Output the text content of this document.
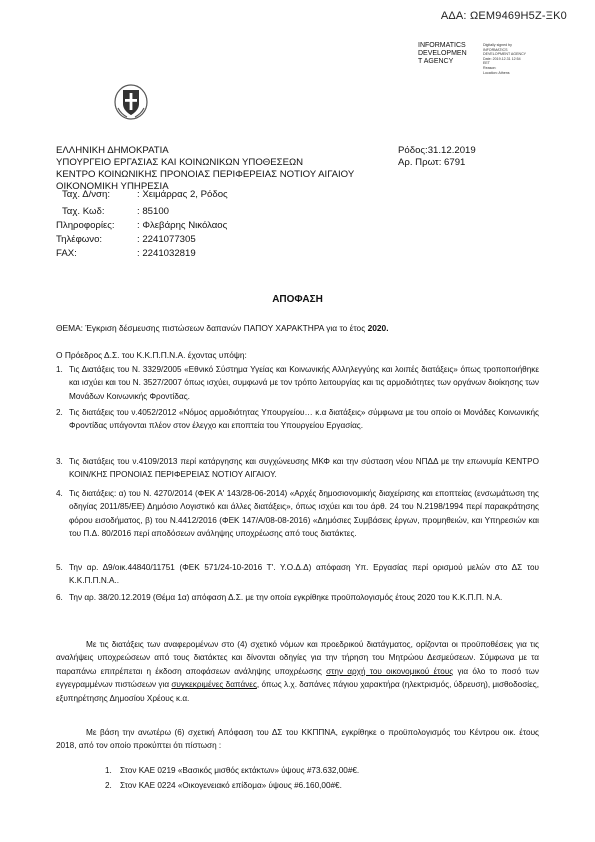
ΑΔΑ: ΩΕΜ9469Η5Ζ-ΞΚ0
INFORMATICS
DEVELOPMEN
T AGENCY
Digitally signed by
INFORMATICS
DEVELOPMENT AGENCY
Date: 2019.12.31 12:54
EET
Reason:
Location: Athens
ΕΛΛΗΝΙΚΗ ΔΗΜΟΚΡΑΤΙΑ
ΥΠΟΥΡΓΕΙΟ ΕΡΓΑΣΙΑΣ ΚΑΙ ΚΟΙΝΩΝΙΚΩΝ ΥΠΟΘΕΣΕΩΝ
ΚΕΝΤΡΟ ΚΟΙΝΩΝΙΚΗΣ ΠΡΟΝΟΙΑΣ ΠΕΡΙΦΕΡΕΙΑΣ ΝΟΤΙΟΥ ΑΙΓΑΙΟΥ
ΟΙΚΟΝΟΜΙΚΗ ΥΠΗΡΕΣΙΑ
Ρόδος:31.12.2019
Αρ. Πρωτ: 6791
Ταχ. Δ/νση:	: Χειμάρρας 2, Ρόδος
Ταχ. Κωδ:	: 85100
Πληροφορίες: : Φλεβάρης Νικόλαος
Τηλέφωνο:	: 2241077305
FAX:	: 2241032819
ΑΠΟΦΑΣΗ
ΘΕΜΑ: Έγκριση δέσμευσης πιστώσεων δαπανών ΠΑΠΟΥ ΧΑΡΑΚΤΗΡΑ για το έτος 2020.
Ο Πρόεδρος Δ.Σ. του Κ.Κ.Π.Π.Ν.Α. έχοντας υπόψη:
1. Τις Διατάξεις του Ν. 3329/2005 «Εθνικό Σύστημα Υγείας και Κοινωνικής Αλληλεγγύης και λοιπές διατάξεις» όπως τροποποιήθηκε και ισχύει και του Ν. 3527/2007 όπως ισχύει, συμφωνά με τον τρόπο λειτουργίας και τις αρμοδιότητες των οργάνων διοίκησης των Μονάδων Κοινωνικής Φροντίδας.
2. Τις διατάξεις του ν.4052/2012 «Νόμος αρμοδιότητας Υπουργείου… κ.α διατάξεις» σύμφωνα με του οποίο οι Μονάδες Κοινωνικής Φροντίδας υπάγονται πλέον στον έλεγχο και εποπτεία του Υπουργείου Εργασίας.
3. Τις διατάξεις του ν.4109/2013 περί κατάργησης και συγχώνευσης ΜΚΦ και την σύσταση νέου ΝΠΔΔ με την επωνυμία ΚΕΝΤΡΟ ΚΟΙΝ/ΚΗΣ ΠΡΟΝΟΙΑΣ ΠΕΡΙΦΕΡΕΙΑΣ ΝΟΤΙΟΥ ΑΙΓΑΙΟΥ.
4. Τις διατάξεις: α) του Ν. 4270/2014 (ΦΕΚ Α' 143/28-06-2014) «Αρχές δημοσιονομικής διαχείρισης και εποπτείας (ενσωμάτωση της οδηγίας 2011/85/ΕΕ) Δημόσιο Λογιστικό και άλλες διατάξεις», όπως ισχύει και του άρθ. 24 του Ν.2198/1994 περί παρακράτησης φόρου εισοδήματος, β) του Ν.4412/2016 (ΦΕΚ 147/Α/08-08-2016) «Δημόσιες Συμβάσεις έργων, προμηθειών, και Υπηρεσιών και του Π.Δ. 80/2016 περί αποδόσεων ανάληψης υποχρέωσης από τους διατάκτες.
5. Την αρ. Δ9/οικ.44840/11751 (ΦΕΚ 571/24-10-2016 Τ'. Υ.Ο.Δ.Δ) απόφαση Υπ. Εργασίας περί ορισμού μελών στο ΔΣ του Κ.Κ.Π.Π.Ν.Α..
6. Την αρ. 38/20.12.2019 (Θέμα 1α) απόφαση Δ.Σ. με την οποία εγκρίθηκε προϋπολογισμός έτους 2020 του Κ.Κ.Π.Π. Ν.Α.
Με τις διατάξεις των αναφερομένων στο (4) σχετικό νόμων και προεδρικού διατάγματος, ορίζονται οι προϋποθέσεις για τις αναλήψεις υποχρεώσεων από τους διατάκτες και δίνονται οδηγίες για την τήρηση του Μητρώου Δεσμεύσεων. Σύμφωνα με τα παραπάνω επιτρέπεται η έκδοση αποφάσεων ανάληψης υποχρέωσης στην αρχή του οικονομικού έτους για όλο το ποσό των εγγεγραμμένων πιστώσεων για συγκεκριμένες δαπάνες, όπως λ.χ. δαπάνες πάγιου χαρακτήρα (ηλεκτρισμός, ύδρευση), μισθοδοσίες, εξυπηρέτησης Δημοσίου Χρέους κ.α.
Με βάση την ανωτέρω (6) σχετική Απόφαση του ΔΣ του ΚΚΠΠΝΑ, εγκρίθηκε ο προϋπολογισμός του Κέντρου οικ. έτους 2018, από τον οποίο προκύπτει ότι πίστωση :
1. Στον ΚΑΕ 0219 «Βασικός μισθός εκτάκτων» ύψους #73.632,00#€.
2. Στον ΚΑΕ 0224 «Οικογενειακό επίδομα» ύψους #6.160,00#€.
